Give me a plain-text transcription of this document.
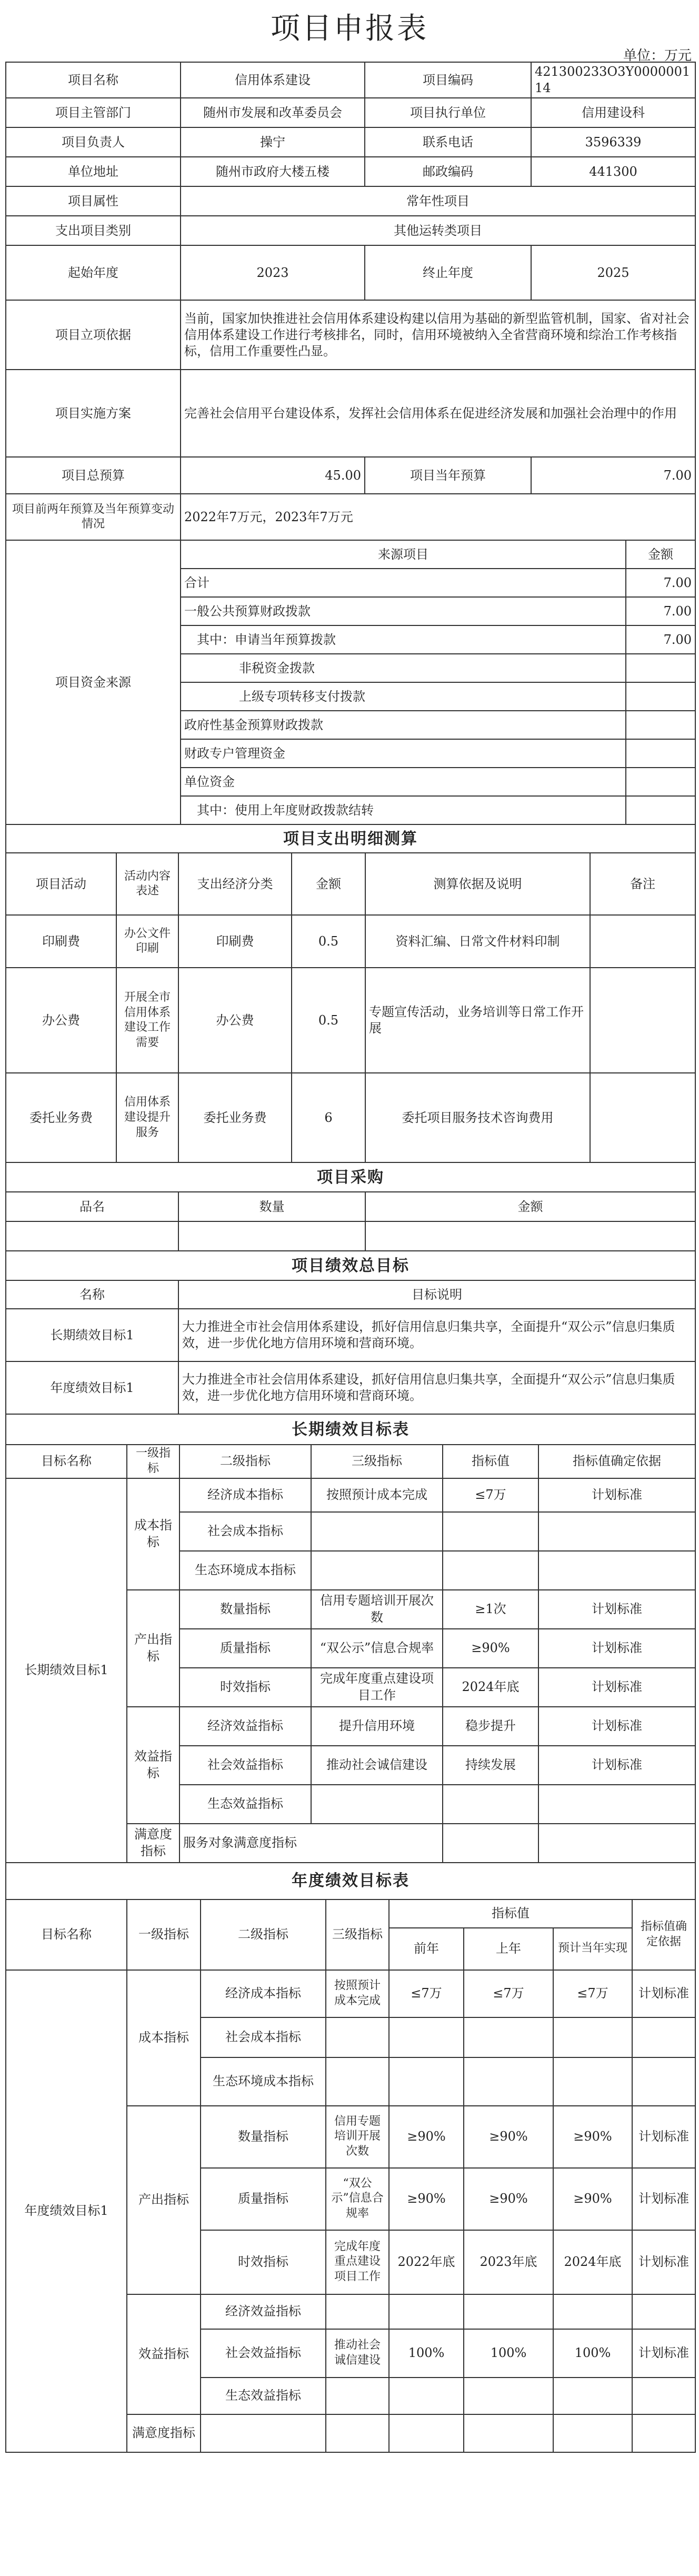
项目申报表
单位：万元
项目名称	信用体系建设	项目编码	421300233O3Y000000114	
项目主管部门	随州市发展和改革委员会	项目执行单位	信用建设科	
项目负责人	操宁	联系电话	3596339	
单位地址	随州市政府大楼五楼	邮政编码	441300	
项目属性	常年性项目			
支出项目类别	其他运转类项目			
起始年度	2023	终止年度	2025	
项目立项依据	当前，国家加快推进社会信用体系建设构建以信用为基础的新型监管机制，国家、省对社会信用体系建设工作进行考核排名，同时，信用环境被纳入全省营商环境和综治工作考核指标，信用工作重要性凸显。			
项目实施方案	完善社会信用平台建设体系，发挥社会信用体系在促进经济发展和加强社会治理中的作用			
项目总预算	45.00	项目当年预算	7.00	
项目前两年预算及当年预算变动情况	2022年7万元，2023年7万元			
项目资金来源	来源项目			金额
	合计			7.00
	一般公共预算财政拨款			7.00
	其中：申请当年预算拨款			7.00
	非税资金拨款			
	上级专项转移支付拨款			
	政府性基金预算财政拨款			
	财政专户管理资金			
	单位资金			
	其中：使用上年度财政拨款结转			
项目支出明细测算					
项目活动	活动内容表述	支出经济分类	金额	测算依据及说明	备注
印刷费	办公文件印刷	印刷费	0.5	资料汇编、日常文件材料印制	
办公费	开展全市信用体系建设工作需要	办公费	0.5	专题宣传活动，业务培训等日常工作开展	
委托业务费	信用体系建设提升服务	委托业务费	6	委托项目服务技术咨询费用	
项目采购		
品名	数量	金额

项目绩效总目标	
名称	目标说明
长期绩效目标1	大力推进全市社会信用体系建设，抓好信用信息归集共享，全面提升“双公示”信息归集质效，进一步优化地方信用环境和营商环境。
年度绩效目标1	大力推进全市社会信用体系建设，抓好信用信息归集共享，全面提升“双公示”信息归集质效，进一步优化地方信用环境和营商环境。
长期绩效目标表					
目标名称	一级指标	二级指标	三级指标	指标值	指标值确定依据
长期绩效目标1	成本指标	经济成本指标	按照预计成本完成	≤7万	计划标准
		社会成本指标			
		生态环境成本指标			
	产出指标	数量指标	信用专题培训开展次数	≥1次	计划标准
		质量指标	“双公示”信息合规率	≥90%	计划标准
		时效指标	完成年度重点建设项目工作	2024年底	计划标准
	效益指标	经济效益指标	提升信用环境	稳步提升	计划标准
		社会效益指标	推动社会诚信建设	持续发展	计划标准
		生态效益指标			
	满意度指标	服务对象满意度指标			
年度绩效目标表							
目标名称	一级指标	二级指标	三级指标	指标值			指标值确定依据
				前年	上年	预计当年实现	
年度绩效目标1	成本指标	经济成本指标	按照预计成本完成	≤7万	≤7万	≤7万	计划标准
		社会成本指标					
		生态环境成本指标					
	产出指标	数量指标	信用专题培训开展次数	≥90%	≥90%	≥90%	计划标准
		质量指标	“双公示”信息合规率	≥90%	≥90%	≥90%	计划标准
		时效指标	完成年度重点建设项目工作	2022年底	2023年底	2024年底	计划标准
	效益指标	经济效益指标					
		社会效益指标	推动社会诚信建设	100%	100%	100%	计划标准
		生态效益指标					
	满意度指标						
